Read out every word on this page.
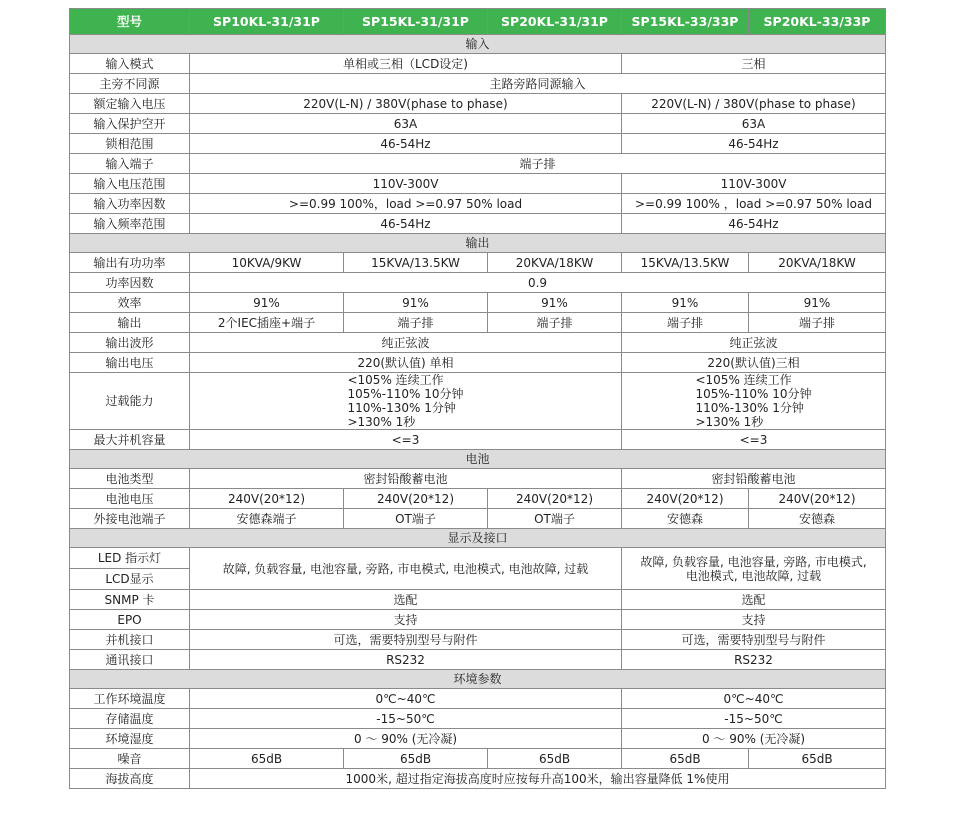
型号	SP10KL-31/31P	SP15KL-31/31P	SP20KL-31/31P	SP15KL-33/33P	SP20KL-33/33P
输入					
输入模式	单相或三相（LCD设定)			三相	
主旁不同源	主路旁路同源输入				
额定输入电压	220V(L-N) / 380V(phase to phase)			220V(L-N) / 380V(phase to phase)	
输入保护空开	63A			63A	
锁相范围	46-54Hz			46-54Hz	
输入端子	端子排				
输入电压范围	110V-300V			110V-300V	
输入功率因数	>=0.99 100%，load >=0.97 50% load			>=0.99 100% ，load >=0.97 50% load	
输入频率范围	46-54Hz			46-54Hz	
输出					
输出有功功率	10KVA/9KW	15KVA/13.5KW	20KVA/18KW	15KVA/13.5KW	20KVA/18KW
功率因数	0.9				
效率	91%	91%	91%	91%	91%
输出	2个IEC插座+端子	端子排	端子排	端子排	端子排
输出波形	纯正弦波			纯正弦波	
输出电压	220(默认值) 单相			220(默认值)三相	
过载能力	<105% 连续工作
105%-110% 10分钟
110%-130% 1分钟
>130% 1秒			<105% 连续工作
105%-110% 10分钟
110%-130% 1分钟
>130% 1秒	

最大并机容量	<=3			<=3	
电池					
电池类型	密封铅酸蓄电池			密封铅酸蓄电池	
电池电压	240V(20*12)	240V(20*12)	240V(20*12)	240V(20*12)	240V(20*12)
外接电池端子	安德森端子	OT端子	OT端子	安德森	安德森
显示及接口					
LED 指示灯	故障, 负载容量, 电池容量, 旁路, 市电模式, 电池模式, 电池故障, 过载			故障, 负载容量, 电池容量, 旁路, 市电模式,
电池模式, 电池故障, 过载	

LCD显示					
SNMP 卡	选配			选配	
EPO	支持			支持	
并机接口	可选，需要特别型号与附件			可选，需要特别型号与附件	
通讯接口	RS232			RS232	
环境参数					
工作环境温度	0℃~40℃			0℃~40℃	
存储温度	-15~50℃			-15~50℃	
环境湿度	0 ～ 90% (无冷凝)			0 ～ 90% (无冷凝)	
噪音	65dB	65dB	65dB	65dB	65dB
海拔高度	1000米, 超过指定海拔高度时应按每升高100米，输出容量降低 1%使用				
